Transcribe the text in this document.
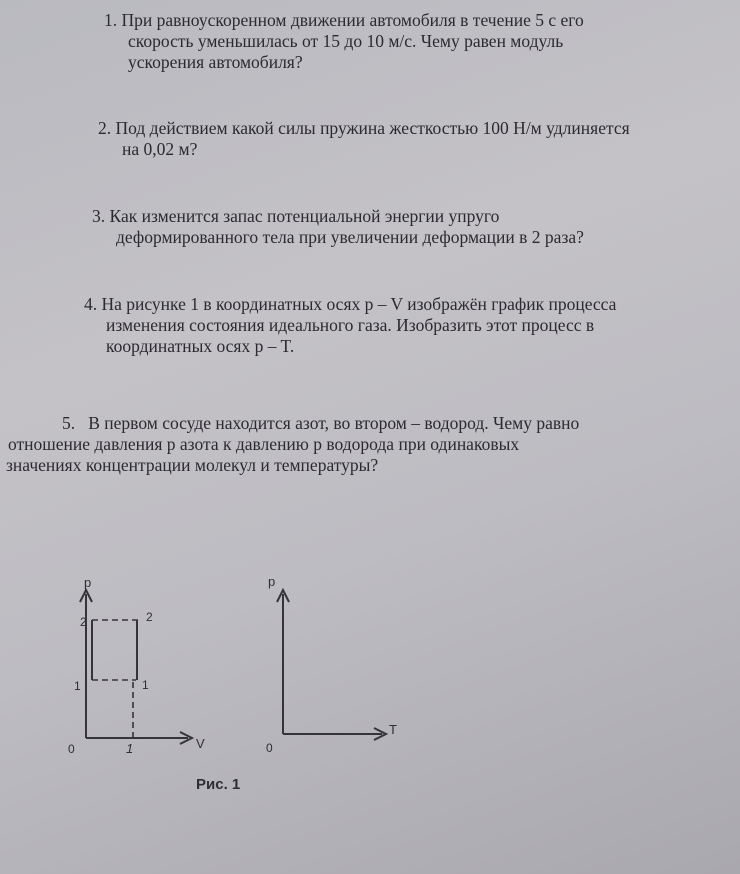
1. При равноускоренном движении автомобиля в течение 5 с его
скорость уменьшилась от 15 до 10 м/с. Чему равен модуль
ускорения автомобиля?
2. Под действием какой силы пружина жесткостью 100 Н/м удлиняется
на 0,02 м?
3. Как изменится запас потенциальной энергии упруго
деформированного тела при увеличении деформации в 2 раза?
4. На рисунке 1 в координатных осях p – V изображён график процесса
изменения состояния идеального газа. Изобразить этот процесс в
координатных осях p – T.
5. В первом сосуде находится азот, во втором – водород. Чему равно
отношение давления p азота к давлению p водорода при одинаковых
значениях концентрации молекул и температуры?
p
V
0
2
1
1
2
1
p
T
0
Рис. 1
